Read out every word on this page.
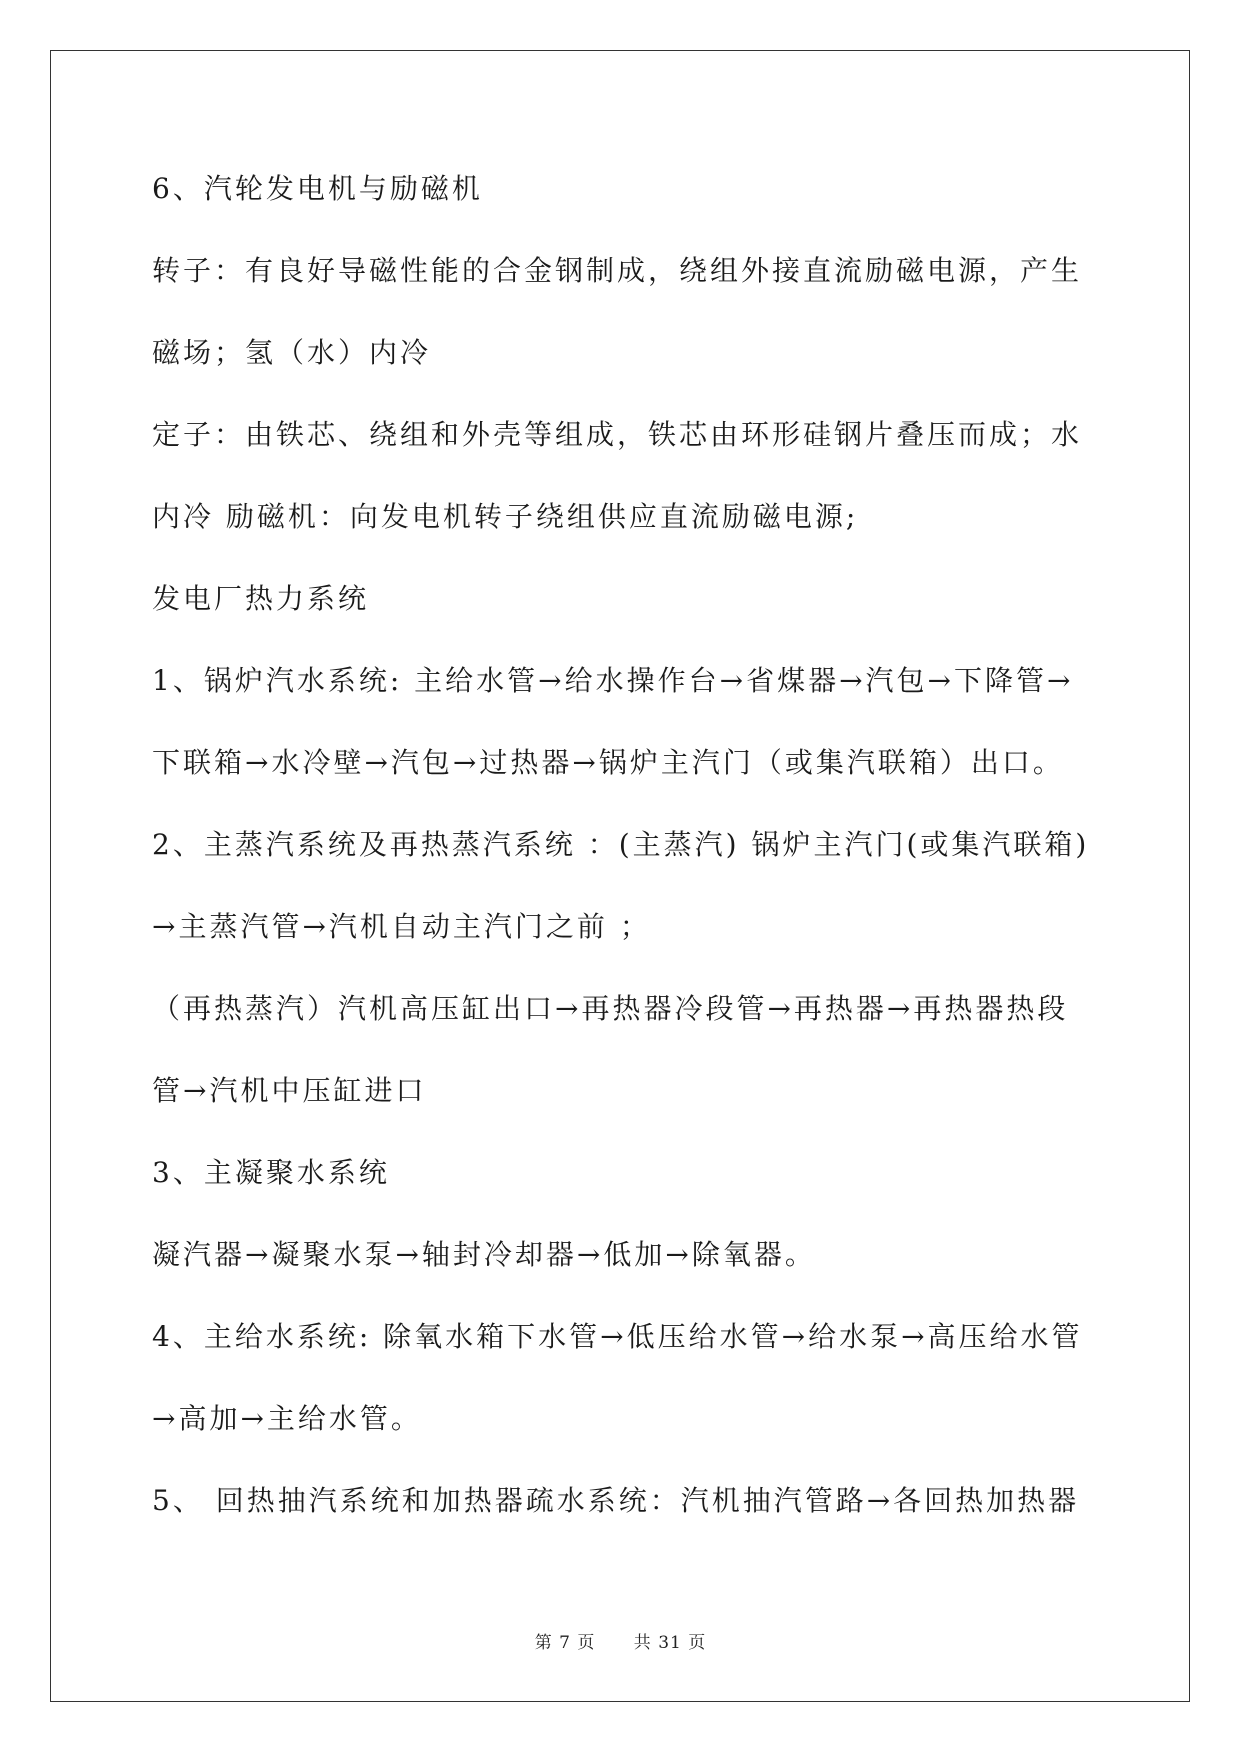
6、汽轮发电机与励磁机
转子：有良好导磁性能的合金钢制成，绕组外接直流励磁电源，产生
磁场；氢（水）内冷
定子：由铁芯、绕组和外壳等组成，铁芯由环形硅钢片叠压而成；水
内冷 励磁机：向发电机转子绕组供应直流励磁电源;
发电厂热力系统
1、锅炉汽水系统: 主给水管→给水操作台→省煤器→汽包→下降管→
下联箱→水冷壁→汽包→过热器→锅炉主汽门（或集汽联箱）出口。
2、主蒸汽系统及再热蒸汽系统 ：(主蒸汽) 锅炉主汽门(或集汽联箱)
→主蒸汽管→汽机自动主汽门之前 ；
（再热蒸汽）汽机高压缸出口→再热器冷段管→再热器→再热器热段
管→汽机中压缸进口
3、主凝聚水系统
凝汽器→凝聚水泵→轴封冷却器→低加→除氧器。
4、主给水系统: 除氧水箱下水管→低压给水管→给水泵→高压给水管
→高加→主给水管。
5、 回热抽汽系统和加热器疏水系统：汽机抽汽管路→各回热加热器
第 7 页 共 31 页
